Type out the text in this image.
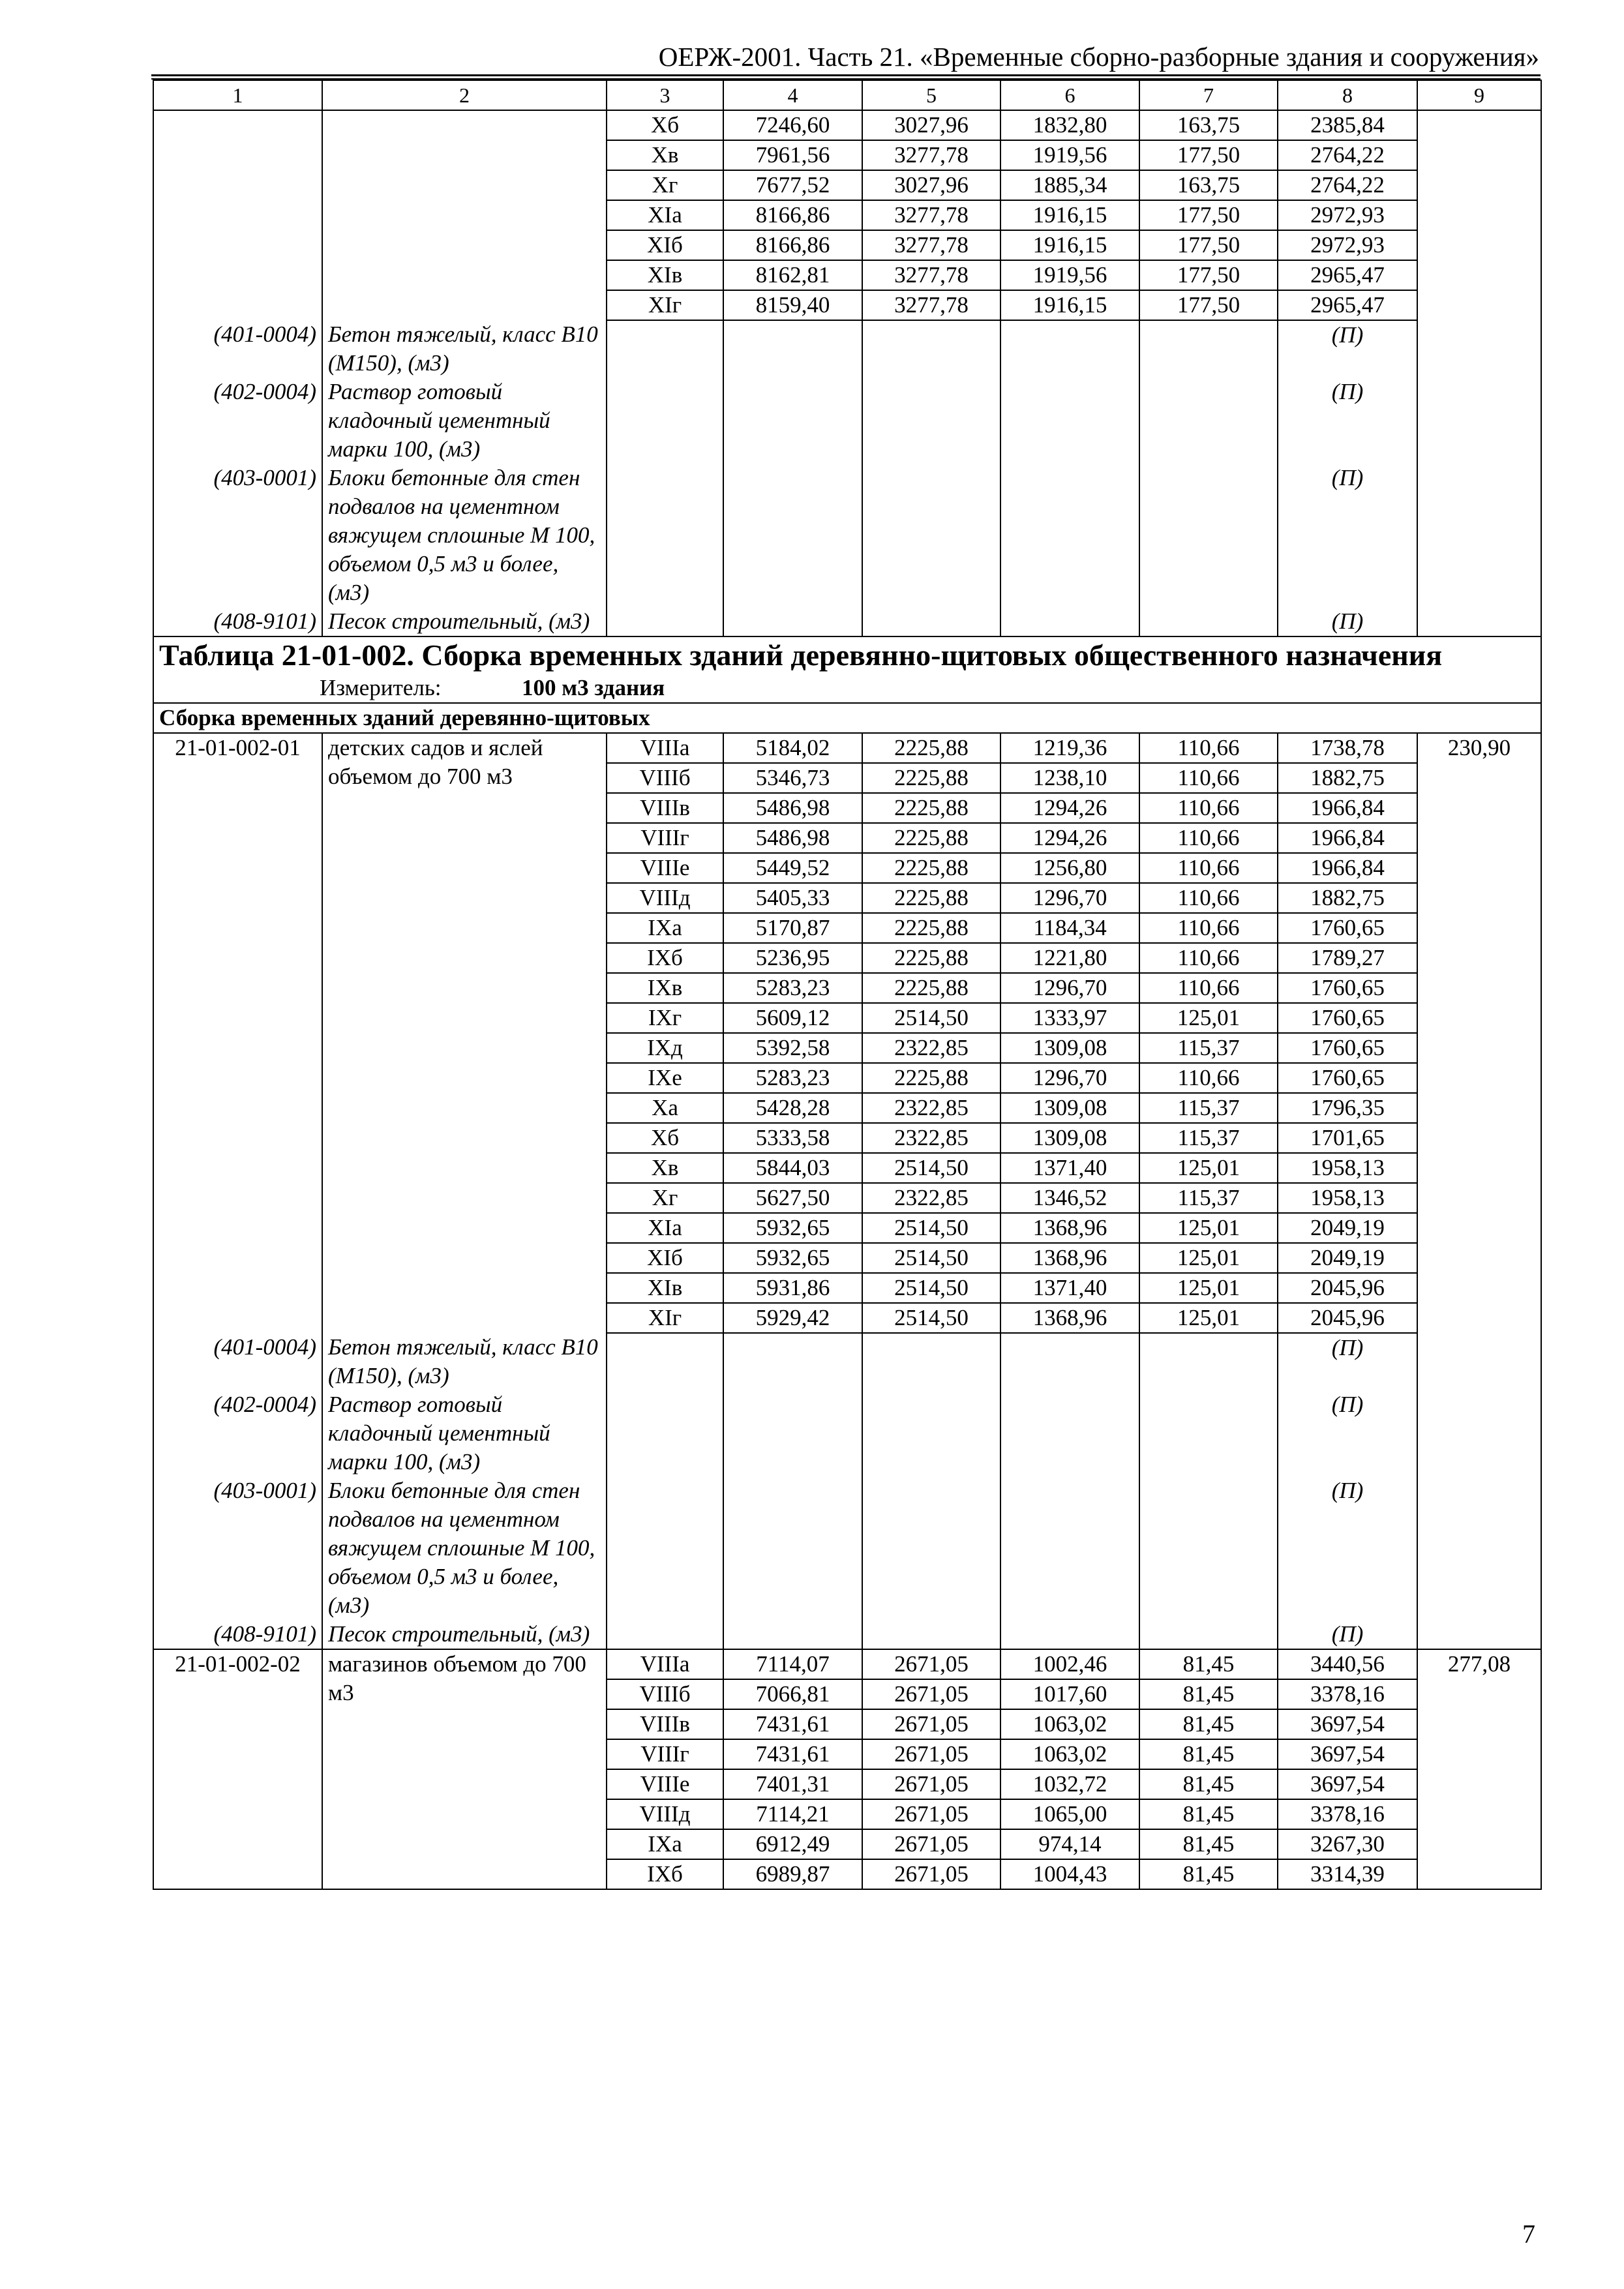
ОЕРЖ-2001. Часть 21. «Временные сборно-разборные здания и сооружения»
1	2	3	4	5	6	7	8	9
		Xб	7246,60	3027,96	1832,80	163,75	2385,84	
		Xв	7961,56	3277,78	1919,56	177,50	2764,22	
		Xг	7677,52	3027,96	1885,34	163,75	2764,22	
		XIа	8166,86	3277,78	1916,15	177,50	2972,93	
		XIб	8166,86	3277,78	1916,15	177,50	2972,93	
		XIв	8162,81	3277,78	1919,56	177,50	2965,47	
		XIг	8159,40	3277,78	1916,15	177,50	2965,47	
(401-0004)	Бетон тяжелый, класс В10 (М150), (м3)						(П)	
(402-0004)	Раствор готовый кладочный цементный марки 100, (м3)						(П)	
(403-0001)	Блоки бетонные для стен подвалов на цементном вяжущем сплошные М 100, объемом 0,5 м3 и более, (м3)						(П)	
(408-9101)	Песок строительный, (м3)						(П)	
Таблица 21-01-002. Сборка временных зданий деревянно-щитовых общественного назначения								
Измеритель: 100 м3 здания								
Сборка временных зданий деревянно-щитовых								
21-01-002-01	детских садов и яслей объемом до 700 м3	VIIIа	5184,02	2225,88	1219,36	110,66	1738,78	230,90
		VIIIб	5346,73	2225,88	1238,10	110,66	1882,75	
		VIIIв	5486,98	2225,88	1294,26	110,66	1966,84	
		VIIIг	5486,98	2225,88	1294,26	110,66	1966,84	
		VIIIе	5449,52	2225,88	1256,80	110,66	1966,84	
		VIIIд	5405,33	2225,88	1296,70	110,66	1882,75	
		IXа	5170,87	2225,88	1184,34	110,66	1760,65	
		IXб	5236,95	2225,88	1221,80	110,66	1789,27	
		IXв	5283,23	2225,88	1296,70	110,66	1760,65	
		IXг	5609,12	2514,50	1333,97	125,01	1760,65	
		IXд	5392,58	2322,85	1309,08	115,37	1760,65	
		IXе	5283,23	2225,88	1296,70	110,66	1760,65	
		Xа	5428,28	2322,85	1309,08	115,37	1796,35	
		Xб	5333,58	2322,85	1309,08	115,37	1701,65	
		Xв	5844,03	2514,50	1371,40	125,01	1958,13	
		Xг	5627,50	2322,85	1346,52	115,37	1958,13	
		XIа	5932,65	2514,50	1368,96	125,01	2049,19	
		XIб	5932,65	2514,50	1368,96	125,01	2049,19	
		XIв	5931,86	2514,50	1371,40	125,01	2045,96	
		XIг	5929,42	2514,50	1368,96	125,01	2045,96	
(401-0004)	Бетон тяжелый, класс В10 (М150), (м3)						(П)	
(402-0004)	Раствор готовый кладочный цементный марки 100, (м3)						(П)	
(403-0001)	Блоки бетонные для стен подвалов на цементном вяжущем сплошные М 100, объемом 0,5 м3 и более, (м3)						(П)	
(408-9101)	Песок строительный, (м3)						(П)	
21-01-002-02	магазинов объемом до 700 м3	VIIIа	7114,07	2671,05	1002,46	81,45	3440,56	277,08
		VIIIб	7066,81	2671,05	1017,60	81,45	3378,16	
		VIIIв	7431,61	2671,05	1063,02	81,45	3697,54	
		VIIIг	7431,61	2671,05	1063,02	81,45	3697,54	
		VIIIе	7401,31	2671,05	1032,72	81,45	3697,54	
		VIIIд	7114,21	2671,05	1065,00	81,45	3378,16	
		IXа	6912,49	2671,05	974,14	81,45	3267,30	
		IXб	6989,87	2671,05	1004,43	81,45	3314,39	
7
